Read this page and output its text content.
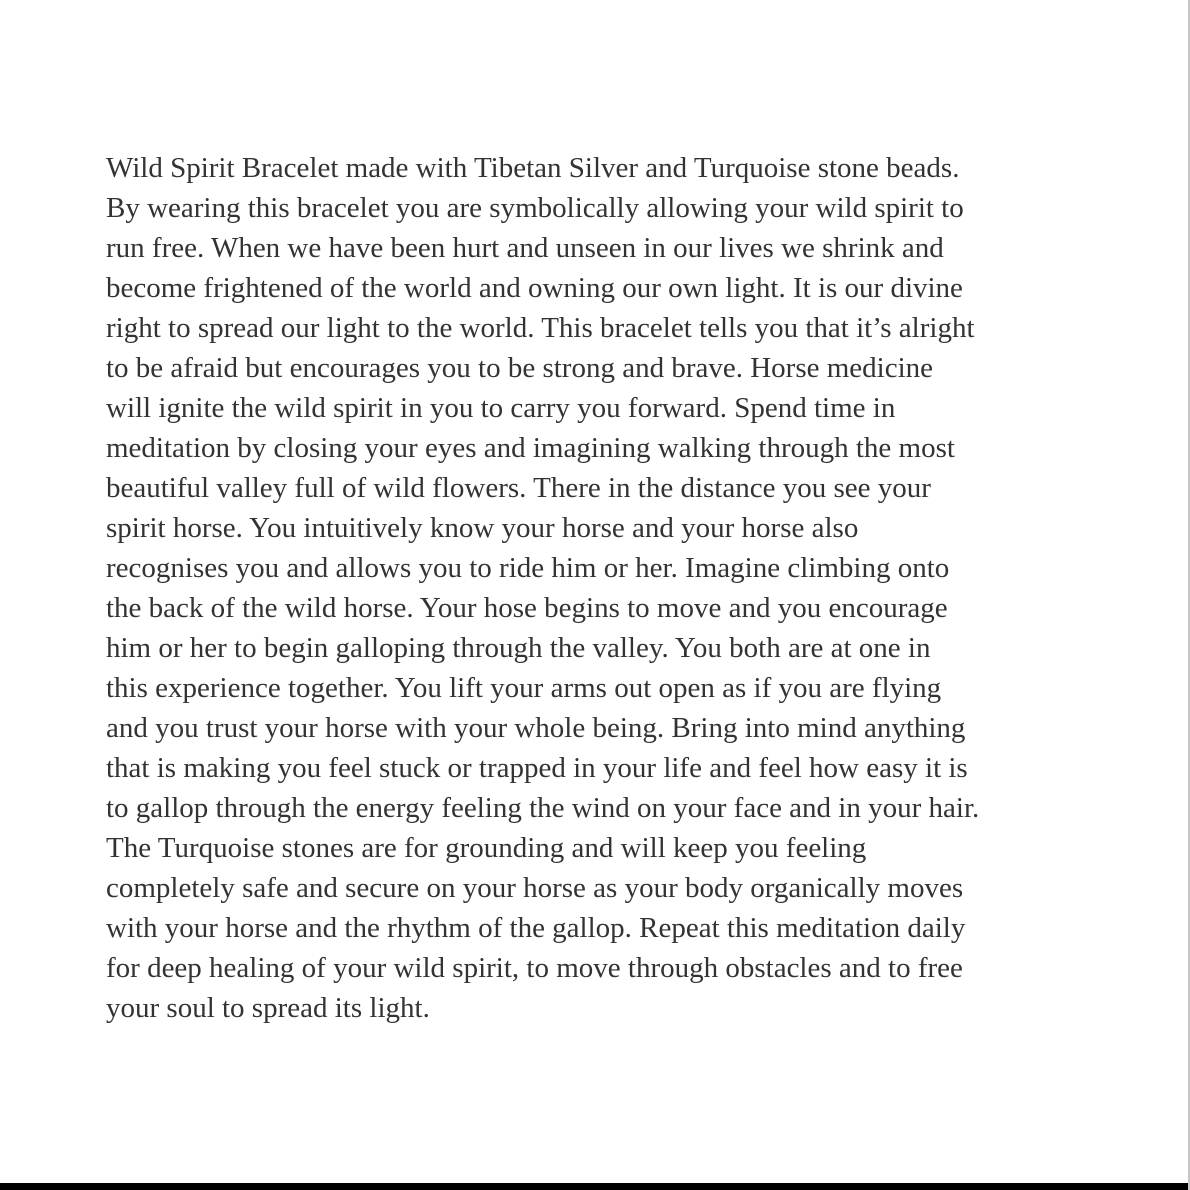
Wild Spirit Bracelet made with Tibetan Silver and Turquoise stone beads.
By wearing this bracelet you are symbolically allowing your wild spirit to
run free. When we have been hurt and unseen in our lives we shrink and
become frightened of the world and owning our own light. It is our divine
right to spread our light to the world. This bracelet tells you that it’s alright
to be afraid but encourages you to be strong and brave. Horse medicine
will ignite the wild spirit in you to carry you forward. Spend time in
meditation by closing your eyes and imagining walking through the most
beautiful valley full of wild flowers. There in the distance you see your
spirit horse. You intuitively know your horse and your horse also
recognises you and allows you to ride him or her. Imagine climbing onto
the back of the wild horse. Your hose begins to move and you encourage
him or her to begin galloping through the valley. You both are at one in
this experience together. You lift your arms out open as if you are flying
and you trust your horse with your whole being. Bring into mind anything
that is making you feel stuck or trapped in your life and feel how easy it is
to gallop through the energy feeling the wind on your face and in your hair.
The Turquoise stones are for grounding and will keep you feeling
completely safe and secure on your horse as your body organically moves
with your horse and the rhythm of the gallop. Repeat this meditation daily
for deep healing of your wild spirit, to move through obstacles and to free
your soul to spread its light.
